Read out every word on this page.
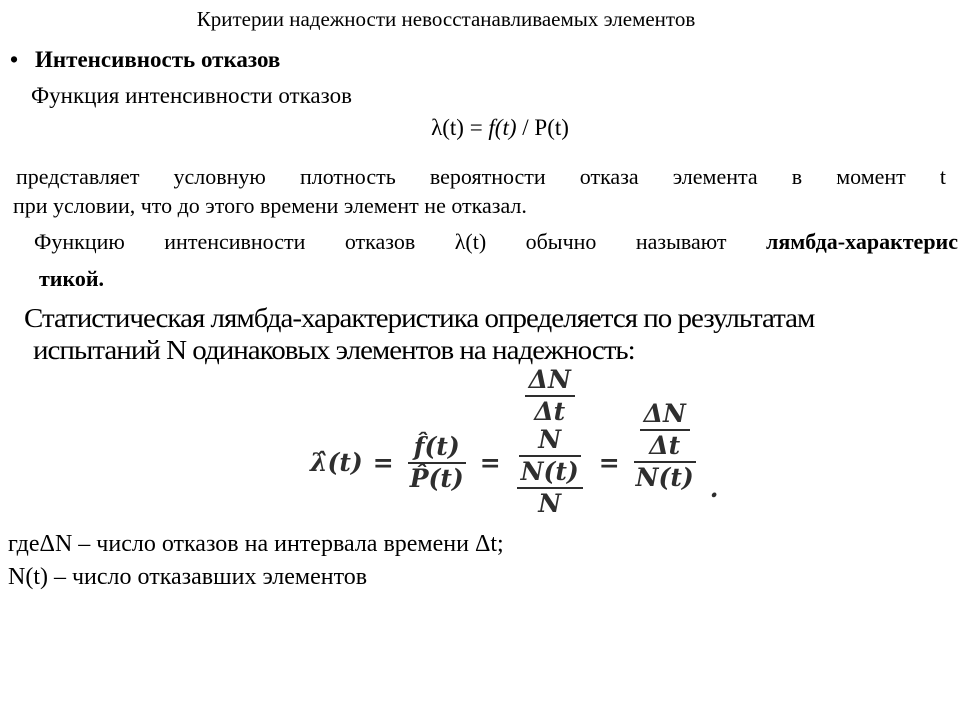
Критерии надежности невосстанавливаемых элементов
• Интенсивность отказов
Функция интенсивности отказов
λ(t) = f(t) / P(t)
представляет условную плотность вероятности отказа элемента в момент t
при условии, что до этого времени элемент не отказал.
Функцию интенсивности отказов λ(t) обычно называют лямбда-характерис
тикой.
Статистическая лямбда-характеристика определяется по результатам
испытаний N одинаковых элементов на надежность:
λ̂(t) = $\frac{f̂(t)}{P̂(t)} = \frac{\Delta N}{\Delta t}$
N
$\frac{N(t)}{N} = \frac{\frac{\Delta N}{\Delta t}}{N(t)}$ .
гдеΔN – число отказов на интервала времени Δt;
N(t) – число отказавших элементов
